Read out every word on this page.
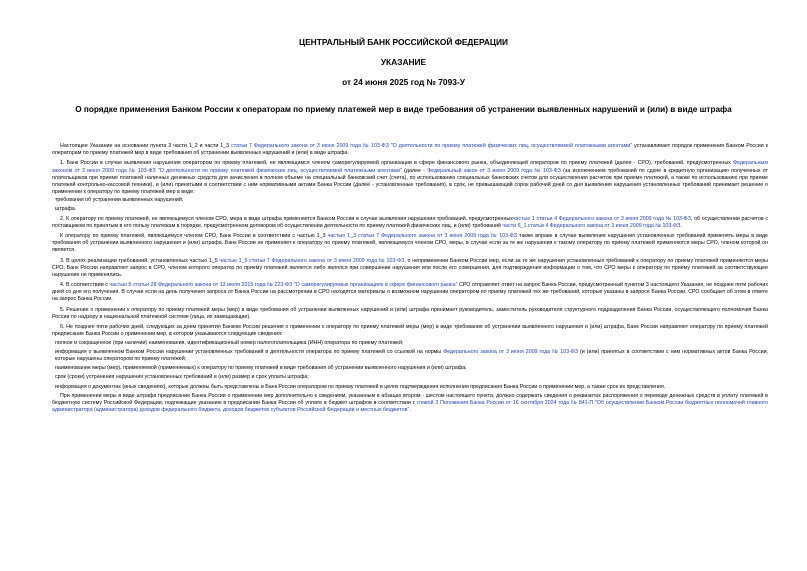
ЦЕНТРАЛЬНЫЙ БАНК РОССИЙСКОЙ ФЕДЕРАЦИИ
УКАЗАНИЕ
от 24 июня 2025 год № 7093-У
О порядке применения Банком России к операторам по приему платежей мер в виде требования об устранении выявленных нарушений и (или) в виде штрафа

Настоящее Указание на основании пункта 3 части 1_2 и части 1_3 статьи 7 Федерального закона от 3 июня 2009 года № 103-ФЗ "О деятельности по приему платежей физических лиц, осуществляемой платежными агентами" устанавливает порядок применения Банком России к операторам по приему платежей мер в виде требования об устранении выявленных нарушений и (или) в виде штрафа.

1. Банк России в случае выявления нарушения оператором по приему платежей, не являющимся членом саморегулируемой организации в сфере финансового рынка, объединяющей операторов по приему платежей (далее - СРО), требований, предусмотренных Федеральным законом от 3 июня 2009 года № 103-ФЗ "О деятельности по приему платежей физических лиц, осуществляемой платежными агентами" (далее - Федеральный закон от 3 июня 2009 года № 103-ФЗ (за исключением требований по сдаче в кредитную организацию полученных от плательщиков при приеме платежей наличных денежных средств для зачисления в полном объеме на специальный банковский счет (счета), по использованию специальных банковских счетов для осуществления расчетов при приеме платежей, а также по использованию при приеме платежей контрольно-кассовой техники), и (или) принятыми в соответствии с ним нормативными актами Банка России (далее - установленные требования), в срок, не превышающий сорок рабочий дней со дня выявления нарушения установленных требований принимает решение о применении к оператору по приему платежей мер в виде:

требования об устранении выявленных нарушений;

штрафа.

2. К оператору по приему платежей, не являющемуся членом СРО, мера в виде штрафа применяется Банком России в случае выявления нарушения требований, предусмотренныхчастью 1 статьи 4 Федерального закона от 3 июня 2009 года № 103-ФЗ, об осуществлении расчетов с поставщиком по принятым в его пользу платежам в порядке, предусмотренном договором об осуществлении деятельности по приему платежей физических лиц, и (или) требований части 6_1 статьи 4 Федерального закона от 3 июня 2009 года № 103-ФЗ.

К оператору по приему платежей, являющемуся членом СРО, Банк России в соответствии с частью 1_3 частью 1_3 статьи 7 Федерального закона от 3 июня 2009 года № 103-ФЗ также вправе в случае выявления нарушения установленных требований применять меры в виде требования об устранении выявленного нарушения и (или) штрафа. Банк России не применяет к оператору по приему платежей, являющемуся членом СРО, меры, в случае если за те же нарушения к такому оператору по приему платежей применяются меры СРО, членом которой он является.

3. В целях реализации требований, установленных частью 1_5 частью 1_5 статьи 7 Федерального закона от 3 июня 2009 года № 103-ФЗ, о неприменении Банком России мер, если за те же нарушения установленных требований к оператору по приему платежей применяются меры СРО, Банк России направляет запрос в СРО, членом которого оператор по приему платежей является либо являлся при совершении нарушения или после его совершения, для подтверждения информации о том, что СРО меры к оператору по приему платежей за соответствующее нарушение не применялись.

4. В соответствии с частью 5 статьи 28 Федерального закона от 13 июля 2015 года № 223-ФЗ "О саморегулируемых организациях в сфере финансового рынка" СРО отправляет ответ на запрос Банка России, предусмотренный пунктом 3 настоящего Указания, не позднее пяти рабочих дней со дня его получения. В случае если на день получения запроса от Банка России на рассмотрении в СРО находятся материалы о возможном нарушении оператором по приему платежей тех же требований, которые указаны в запросе Банка России, СРО сообщает об этом в ответе на запрос Банка России.

5. Решение о применении к оператору по приему платежей меры (мер) в виде требования об устранении выявленных нарушений и (или) штрафа принимает руководитель, заместитель руководителя структурного подразделения Банка России, осуществляющего полномочия Банка России по надзору в национальной платежной системе (лица, их замещающие).

6. Не позднее пяти рабочих дней, следующих за днем принятия Банком России решения о применении к оператору по приему платежей меры (мер) в виде требования об устранении выявленного нарушения и (или) штрафа, Банк России направляет оператору по приему платежей предписание Банка России о применении мер, в котором указываются следующие сведения:

полное и сокращенное (при наличии) наименования, идентификационный номер налогоплательщика (ИНН) оператора по приему платежей;

информация о выявленном Банком России нарушении установленных требований в деятельности оператора по приему платежей со ссылкой на нормы Федерального закона от 3 июня 2009 года № 103-ФЗ (и (или) принятых в соответствии с ним нормативных актов Банка России, которые нарушены оператором по приему платежей;

наименование меры (мер), применяемой (применяемых) к оператору по приему платежей в виде требования об устранении выявленного нарушения и (или) штрафа;

срок (сроки) устранения нарушения установленных требований и (или) размер и срок уплаты штрафа;

информация о документах (иных сведениях), которые должны быть представлены в Банк России оператором по приему платежей в целях подтверждения исполнения предписания Банка России о применении мер, а также срок их представления.

При применении меры в виде штрафа предписание Банка России о применении мер дополнительно к сведениям, указанным в абзацах втором - шестом настоящего пункта, должно содержать сведения о реквизитах распоряжения о переводе денежных средств в уплату платежей в бюджетную систему Российской Федерации, подлежащие указанию в предписании Банка России об уплате в бюджет штрафов в соответствии с главой 3 Положения Банка России от 16 сентября 2024 года № 841-П "Об осуществлении Банком России бюджетных полномочий главного администратора (администратора) доходов федерального бюджета, доходов бюджетов субъектов Российской Федерации и местных бюджетов".
